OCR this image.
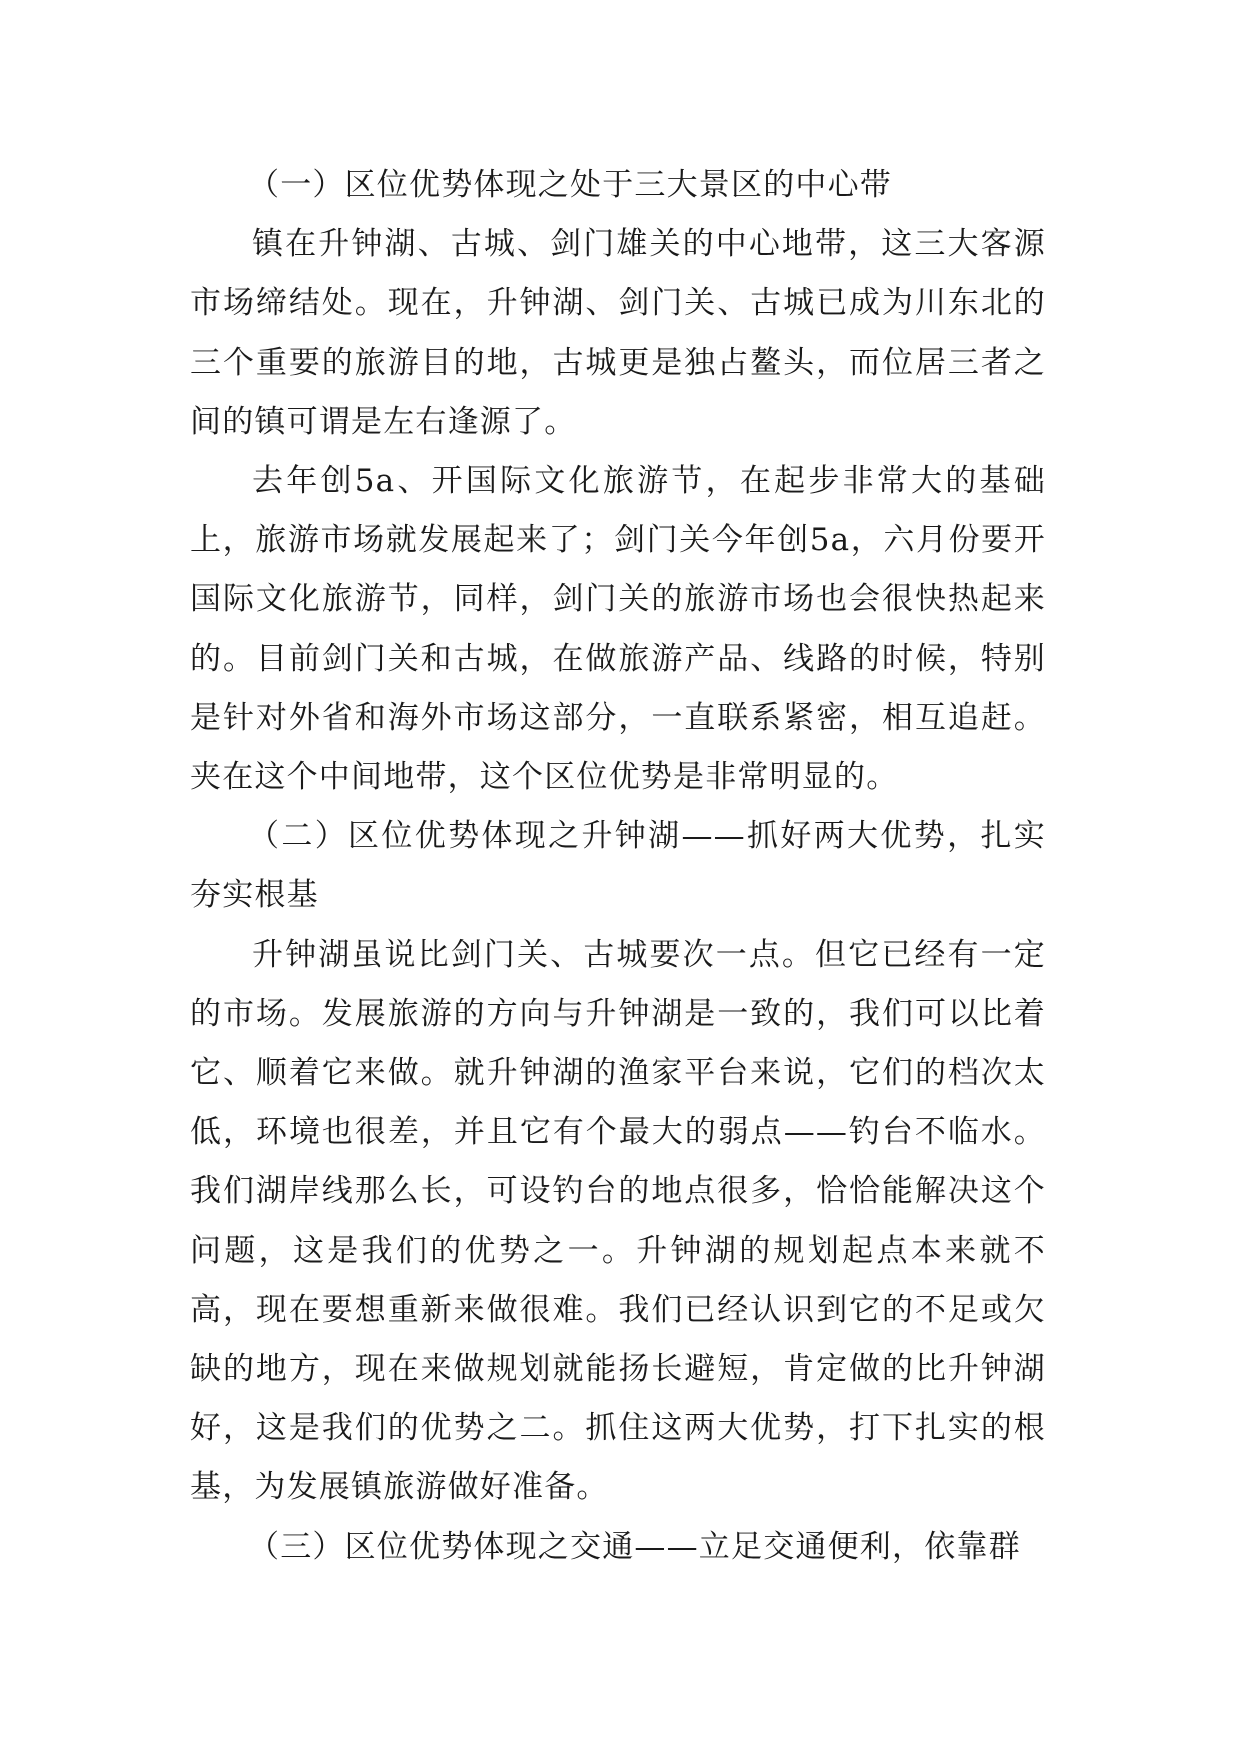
（一）区位优势体现之处于三大景区的中心带

镇在升钟湖、古城、剑门雄关的中心地带，这三大客源市场缔结处。现在，升钟湖、剑门关、古城已成为川东北的三个重要的旅游目的地，古城更是独占鳌头，而位居三者之间的镇可谓是左右逢源了。

去年创5a、开国际文化旅游节，在起步非常大的基础上，旅游市场就发展起来了；剑门关今年创5a，六月份要开国际文化旅游节，同样，剑门关的旅游市场也会很快热起来的。目前剑门关和古城，在做旅游产品、线路的时候，特别是针对外省和海外市场这部分，一直联系紧密，相互追赶。夹在这个中间地带，这个区位优势是非常明显的。

（二）区位优势体现之升钟湖——抓好两大优势，扎实夯实根基

升钟湖虽说比剑门关、古城要次一点。但它已经有一定的市场。发展旅游的方向与升钟湖是一致的，我们可以比着它、顺着它来做。就升钟湖的渔家平台来说，它们的档次太低，环境也很差，并且它有个最大的弱点——钓台不临水。我们湖岸线那么长，可设钓台的地点很多，恰恰能解决这个问题，这是我们的优势之一。升钟湖的规划起点本来就不高，现在要想重新来做很难。我们已经认识到它的不足或欠缺的地方，现在来做规划就能扬长避短，肯定做的比升钟湖好，这是我们的优势之二。抓住这两大优势，打下扎实的根基，为发展镇旅游做好准备。

（三）区位优势体现之交通——立足交通便利，依靠群
